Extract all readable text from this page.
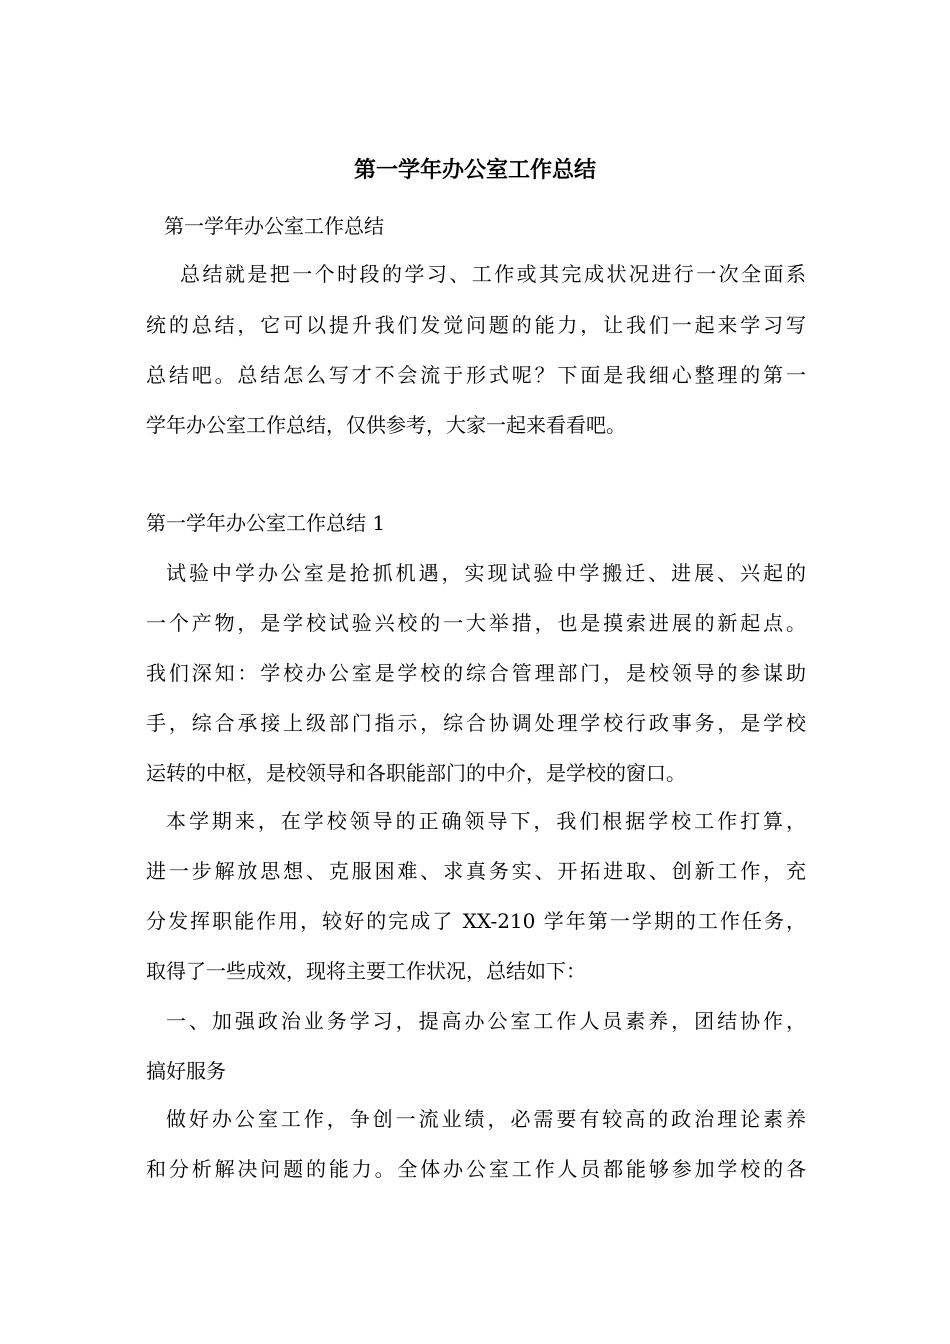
第一学年办公室工作总结
第一学年办公室工作总结
总结就是把一个时段的学习、工作或其完成状况进行一次全面系
统的总结，它可以提升我们发觉问题的能力，让我们一起来学习写
总结吧。总结怎么写才不会流于形式呢？下面是我细心整理的第一
学年办公室工作总结，仅供参考，大家一起来看看吧。
第一学年办公室工作总结 1
试验中学办公室是抢抓机遇，实现试验中学搬迁、进展、兴起的
一个产物，是学校试验兴校的一大举措，也是摸索进展的新起点。
我们深知：学校办公室是学校的综合管理部门，是校领导的参谋助
手，综合承接上级部门指示，综合协调处理学校行政事务，是学校
运转的中枢，是校领导和各职能部门的中介，是学校的窗口。
本学期来，在学校领导的正确领导下，我们根据学校工作打算，
进一步解放思想、克服困难、求真务实、开拓进取、创新工作，充
分发挥职能作用，较好的完成了 XX-210 学年第一学期的工作任务，
取得了一些成效，现将主要工作状况，总结如下：
一、加强政治业务学习，提高办公室工作人员素养，团结协作，
搞好服务
做好办公室工作，争创一流业绩，必需要有较高的政治理论素养
和分析解决问题的能力。全体办公室工作人员都能够参加学校的各
